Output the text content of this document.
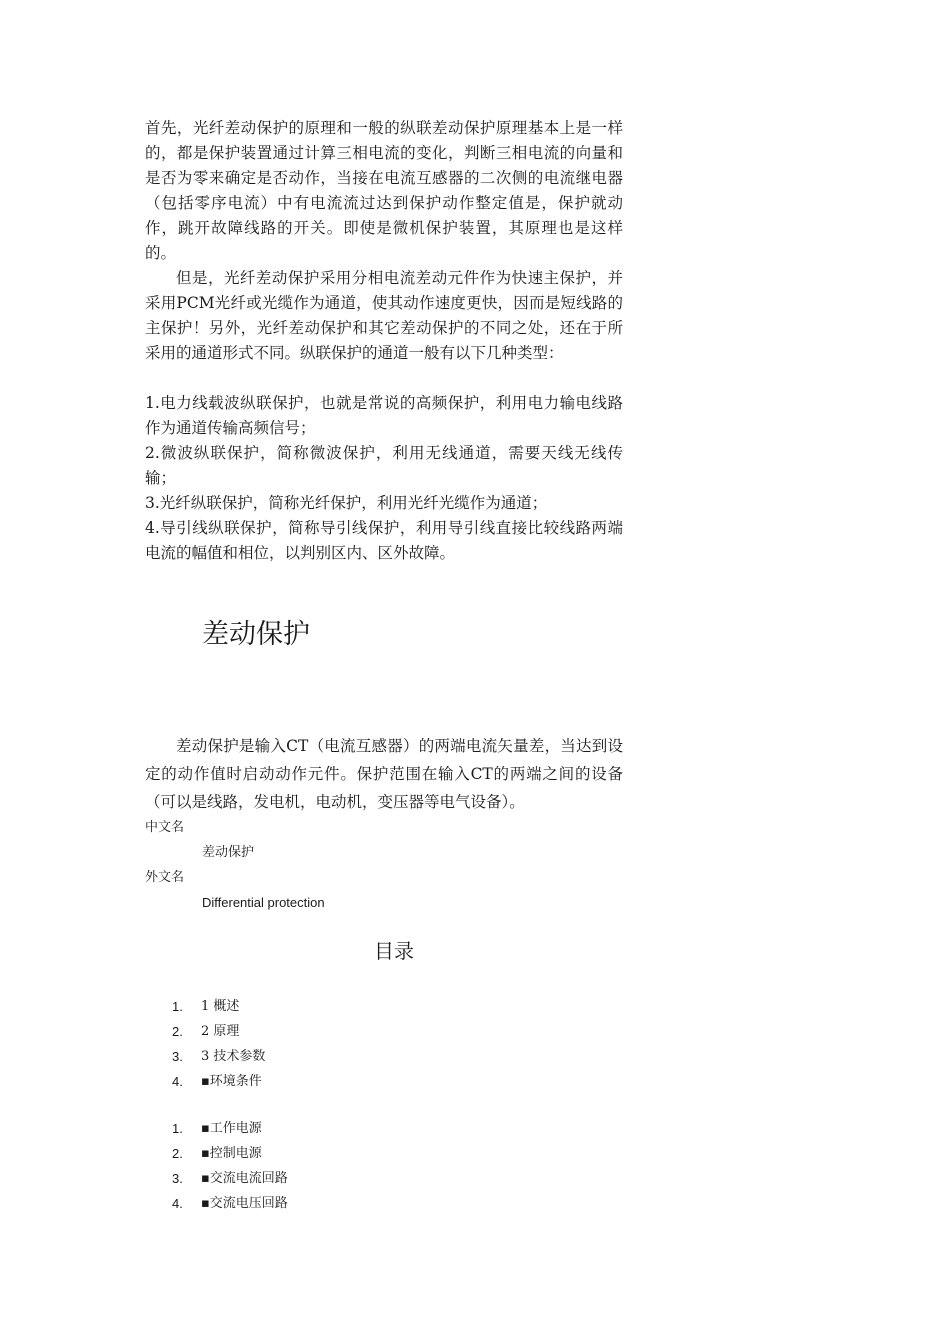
首先，光纤差动保护的原理和一般的纵联差动保护原理基本上是一样的，都是保护装置通过计算三相电流的变化，判断三相电流的向量和是否为零来确定是否动作，当接在电流互感器的二次侧的电流继电器（包括零序电流）中有电流流过达到保护动作整定值是，保护就动作，跳开故障线路的开关。即使是微机保护装置，其原理也是这样的。

但是，光纤差动保护采用分相电流差动元件作为快速主保护，并采用PCM光纤或光缆作为通道，使其动作速度更快，因而是短线路的主保护！另外，光纤差动保护和其它差动保护的不同之处，还在于所采用的通道形式不同。纵联保护的通道一般有以下几种类型：

1.电力线载波纵联保护，也就是常说的高频保护，利用电力输电线路作为通道传输高频信号；

2.微波纵联保护，简称微波保护，利用无线通道，需要天线无线传输；

3.光纤纵联保护，简称光纤保护，利用光纤光缆作为通道；

4.导引线纵联保护，简称导引线保护，利用导引线直接比较线路两端电流的幅值和相位，以判别区内、区外故障。

差动保护

差动保护是输入CT（电流互感器）的两端电流矢量差，当达到设定的动作值时启动动作元件。保护范围在输入CT的两端之间的设备（可以是线路，发电机，电动机，变压器等电气设备）。

中文名

差动保护

外文名

Differential protection

目录
1.	1 概述
2.	2 原理
3.	3 技术参数
4.	▪环境条件
1.	▪工作电源
2.	▪控制电源
3.	▪交流电流回路
4.	▪交流电压回路
